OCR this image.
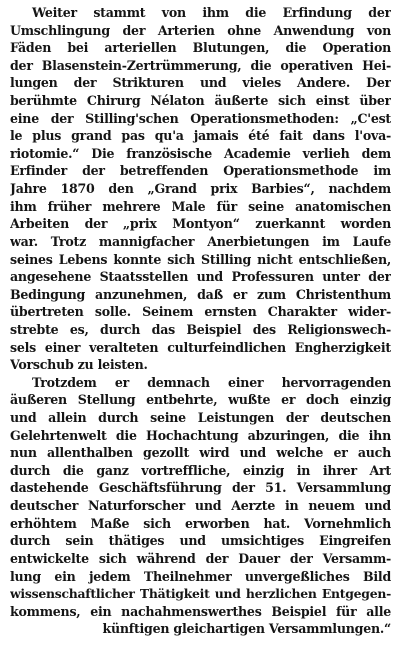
Weiter stammt von ihm die Erfindung der
Umschlingung der Arterien ohne Anwendung von
Fäden bei arteriellen Blutungen, die Operation
der Blasenstein-Zertrümmerung, die operativen Hei-
lungen der Strikturen und vieles Andere. Der
berühmte Chirurg Nélaton äußerte sich einst über
eine der Stilling'schen Operationsmethoden: „C'est
le plus grand pas qu'a jamais été fait dans l'ova-
riotomie.“ Die französische Academie verlieh dem
Erfinder der betreffenden Operationsmethode im
Jahre 1870 den „Grand prix Barbies“, nachdem
ihm früher mehrere Male für seine anatomischen
Arbeiten der „prix Montyon“ zuerkannt worden
war. Trotz mannigfacher Anerbietungen im Laufe
seines Lebens konnte sich Stilling nicht entschließen,
angesehene Staatsstellen und Professuren unter der
Bedingung anzunehmen, daß er zum Christenthum
übertreten solle. Seinem ernsten Charakter wider-
strebte es, durch das Beispiel des Religionswech-
sels einer veralteten culturfeindlichen Engherzigkeit
Vorschub zu leisten.
Trotzdem er demnach einer hervorragenden
äußeren Stellung entbehrte, wußte er doch einzig
und allein durch seine Leistungen der deutschen
Gelehrtenwelt die Hochachtung abzuringen, die ihn
nun allenthalben gezollt wird und welche er auch
durch die ganz vortreffliche, einzig in ihrer Art
dastehende Geschäftsführung der 51. Versammlung
deutscher Naturforscher und Aerzte in neuem und
erhöhtem Maße sich erworben hat. Vornehmlich
durch sein thätiges und umsichtiges Eingreifen
entwickelte sich während der Dauer der Versamm-
lung ein jedem Theilnehmer unvergeßliches Bild
wissenschaftlicher Thätigkeit und herzlichen Entgegen-
kommens, ein nachahmenswerthes Beispiel für alle
künftigen gleichartigen Versammlungen.“
